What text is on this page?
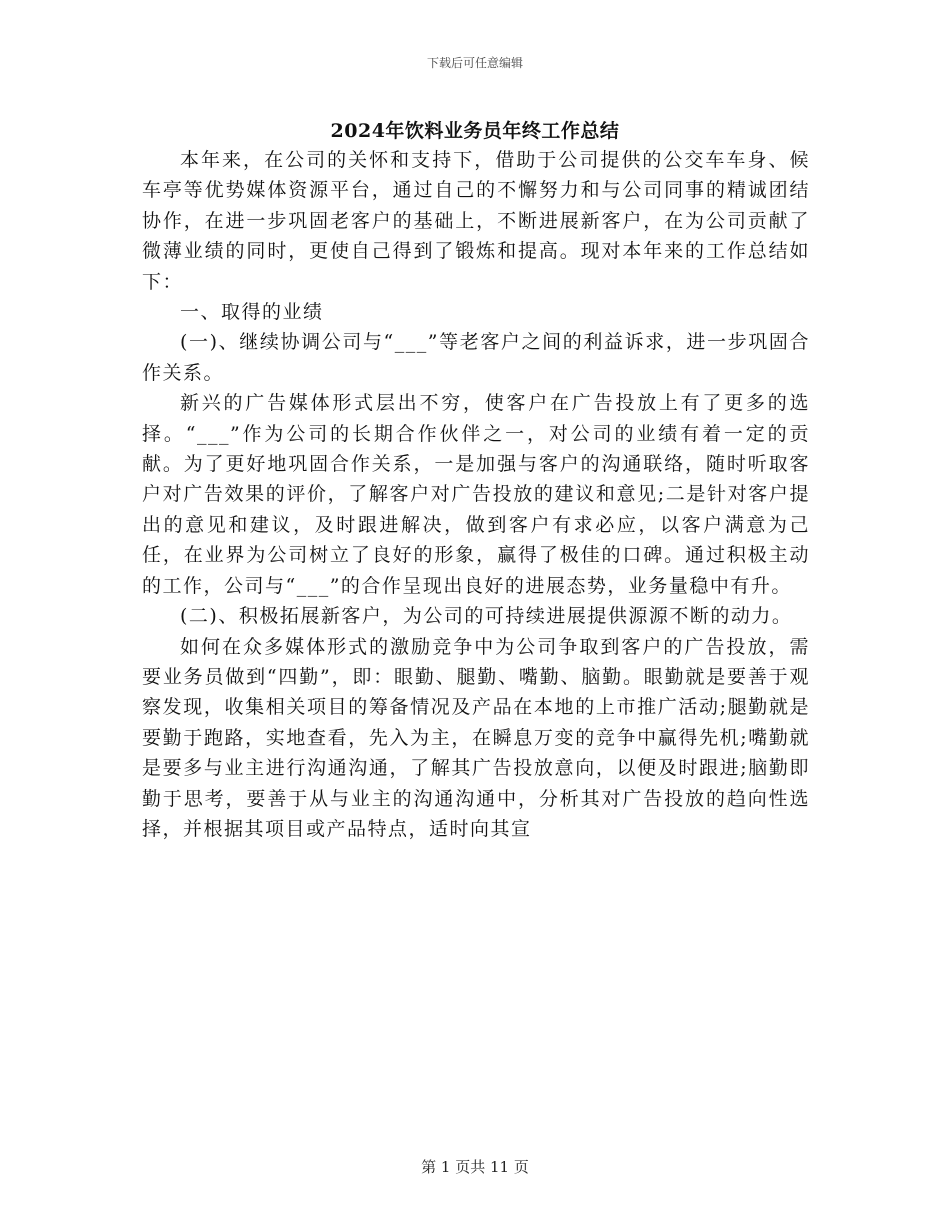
下载后可任意编辑
2024年饮料业务员年终工作总结

本年来，在公司的关怀和支持下，借助于公司提供的公交车车身、候车亭等优势媒体资源平台，通过自己的不懈努力和与公司同事的精诚团结协作，在进一步巩固老客户的基础上，不断进展新客户，在为公司贡献了微薄业绩的同时，更使自己得到了锻炼和提高。现对本年来的工作总结如下：

一、取得的业绩

(一)、继续协调公司与“___”等老客户之间的利益诉求，进一步巩固合作关系。

新兴的广告媒体形式层出不穷，使客户在广告投放上有了更多的选择。“___”作为公司的长期合作伙伴之一，对公司的业绩有着一定的贡献。为了更好地巩固合作关系，一是加强与客户的沟通联络，随时听取客户对广告效果的评价，了解客户对广告投放的建议和意见;二是针对客户提出的意见和建议，及时跟进解决，做到客户有求必应，以客户满意为己任，在业界为公司树立了良好的形象，赢得了极佳的口碑。通过积极主动的工作，公司与“___”的合作呈现出良好的进展态势，业务量稳中有升。

(二)、积极拓展新客户，为公司的可持续进展提供源源不断的动力。

如何在众多媒体形式的激励竞争中为公司争取到客户的广告投放，需要业务员做到“四勤”，即：眼勤、腿勤、嘴勤、脑勤。眼勤就是要善于观察发现，收集相关项目的筹备情况及产品在本地的上市推广活动;腿勤就是要勤于跑路，实地查看，先入为主，在瞬息万变的竞争中赢得先机;嘴勤就是要多与业主进行沟通沟通，了解其广告投放意向，以便及时跟进;脑勤即勤于思考，要善于从与业主的沟通沟通中，分析其对广告投放的趋向性选择，并根据其项目或产品特点，适时向其宣

第 1 页共 11 页
